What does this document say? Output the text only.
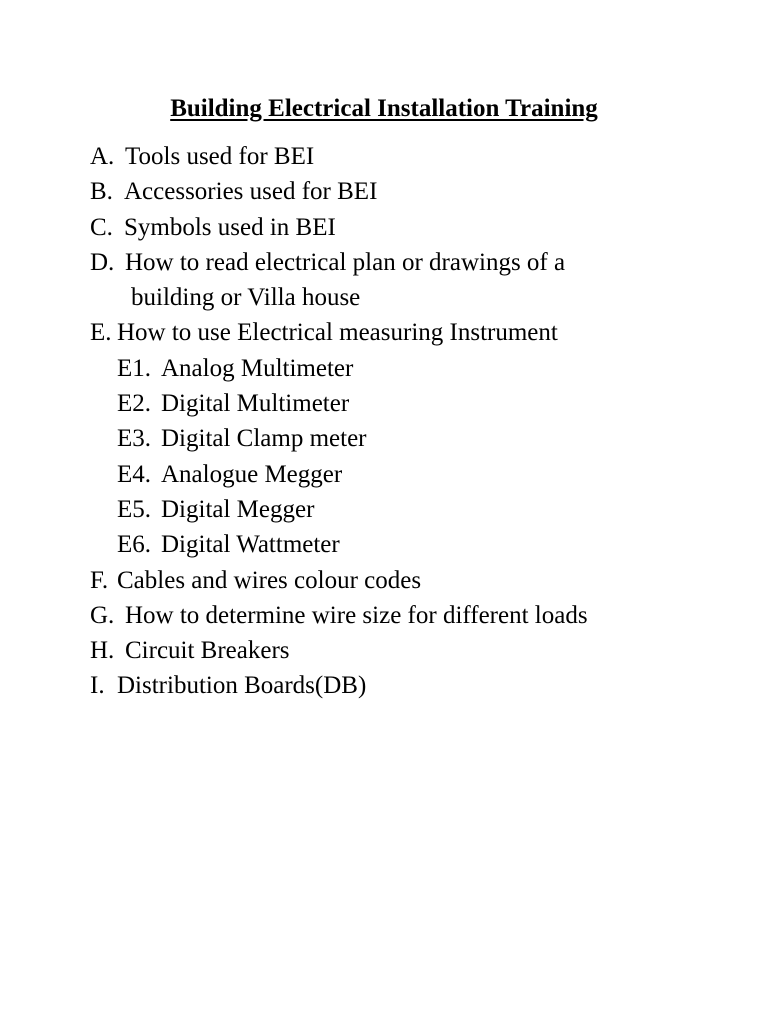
Building Electrical Installation Training
A. Tools used for BEI
B. Accessories used for BEI
C. Symbols used in BEI
D. How to read electrical plan or drawings of a
building or Villa house
E. How to use Electrical measuring Instrument
E1. Analog Multimeter
E2. Digital Multimeter
E3. Digital Clamp meter
E4. Analogue Megger
E5. Digital Megger
E6. Digital Wattmeter
F. Cables and wires colour codes
G. How to determine wire size for different loads
H. Circuit Breakers
I. Distribution Boards(DB)
